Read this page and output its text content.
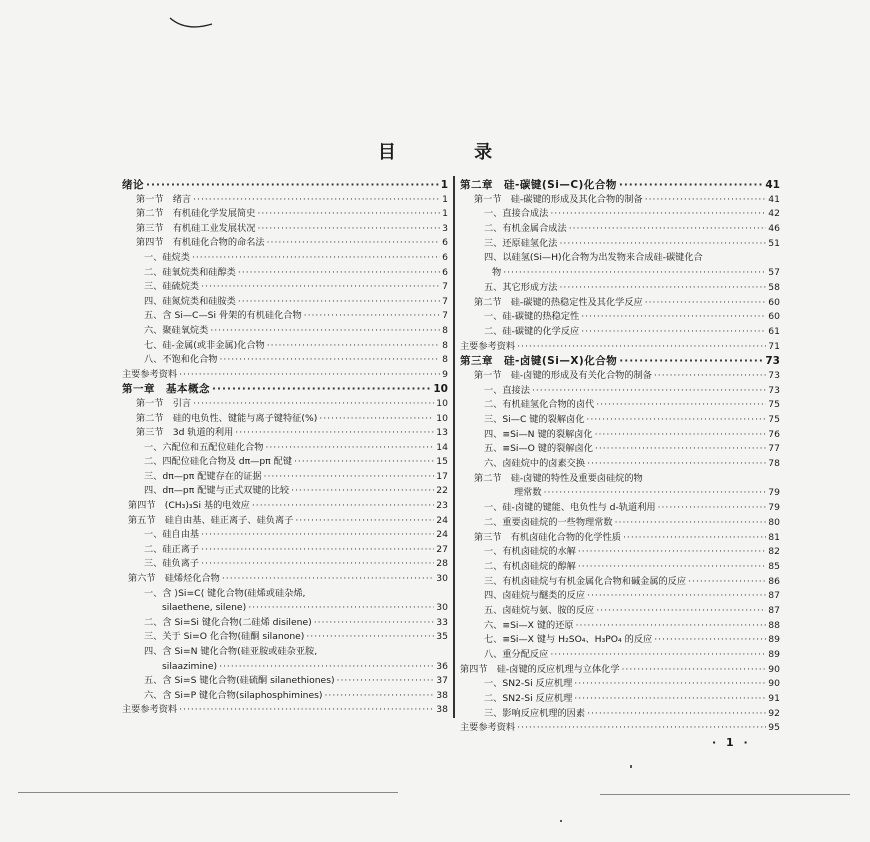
目 录
绪论 ·····	1
第一节　绪言 ·····	1
第二节　有机硅化学发展简史 ·····	1
第三节　有机硅工业发展状况 ·····	3
第四节　有机硅化合物的命名法 ·····	6
一、硅烷类 ·····	6
二、硅氧烷类和硅醇类 ·····	6
三、硅硫烷类 ·····	7
四、硅氮烷类和硅胺类 ·····	7
五、含 Si—C—Si 骨架的有机硅化合物 ·····	7
六、聚硅氧烷类 ·····	8
七、硅-金属(或非金属)化合物 ·····	8
八、不饱和化合物 ·····	8
主要参考资料 ·····	9
第一章　基本概念 ·····	10
第一节　引言 ·····	10
第二节　硅的电负性、键能与离子键特征(%) ·····	10
第三节　3d 轨道的利用 ·····	13
一、六配位和五配位硅化合物 ·····	14
二、四配位硅化合物及 dπ—pπ 配键 ·····	15
三、dπ—pπ 配键存在的证据 ·····	17
四、dπ—pπ 配键与正式双键的比较 ·····	22
第四节　(CH₃)₃Si 基的电效应 ·····	23
第五节　硅自由基、硅正离子、硅负离子 ·····	24
一、硅自由基 ·····	24
二、硅正离子 ·····	27
三、硅负离子 ·····	28
第六节　硅烯烃化合物 ·····	30
一、含 ⟩Si=C⟨ 键化合物(硅烯或硅杂烯,
silaethene, silene) ·····	30
二、含 Si=Si 键化合物(二硅烯 disilene) ·····	33
三、关于 Si=O 化合物(硅酮 silanone) ·····	35
四、含 Si=N 键化合物(硅亚胺或硅杂亚胺,
silaazimine) ·····	36
五、含 Si=S 键化合物(硅硫酮 silanethiones) ·····	37
六、含 Si=P 键化合物(silaphosphimines) ·····	38
主要参考资料 ·····	38
第二章　硅-碳键(Si—C)化合物 ·····	41
第一节　硅-碳键的形成及其化合物的制备 ·····	41
一、直接合成法 ·····	42
二、有机金属合成法 ·····	46
三、还原硅氢化法 ·····	51
四、以硅氢(Si—H)化合物为出发物来合成硅-碳键化合
物 ·····	57
五、其它形成方法 ·····	58
第二节　硅-碳键的热稳定性及其化学反应 ·····	60
一、硅-碳键的热稳定性 ·····	60
二、硅-碳键的化学反应 ·····	61
主要参考资料 ·····	71
第三章　硅-卤键(Si—X)化合物 ·····	73
第一节　硅-卤键的形成及有关化合物的制备 ·····	73
一、直接法 ·····	73
二、有机硅氢化合物的卤代 ·····	75
三、Si—C 键的裂解卤化 ·····	75
四、≡Si—N 键的裂解卤化 ·····	76
五、≡Si—O 键的裂解卤化 ·····	77
六、卤硅烷中的卤素交换 ·····	78
第二节　硅-卤键的特性及重要卤硅烷的物
理常数 ·····	79
一、硅-卤键的键能、电负性与 d-轨道利用 ·····	79
二、重要卤硅烷的一些物理常数 ·····	80
第三节　有机卤硅化合物的化学性质 ·····	81
一、有机卤硅烷的水解 ·····	82
二、有机卤硅烷的醇解 ·····	85
三、有机卤硅烷与有机金属化合物和碱金属的反应 ·····	86
四、卤硅烷与醚类的反应 ·····	87
五、卤硅烷与氨、胺的反应 ·····	87
六、≡Si—X 键的还原 ·····	88
七、≡Si—X 键与 H₂SO₄、H₃PO₄ 的反应 ·····	89
八、重分配反应 ·····	89
第四节　硅-卤键的反应机理与立体化学 ·····	90
一、SN2-Si 反应机理 ·····	90
二、SN2-Si 反应机理 ·····	91
三、影响反应机理的因素 ·····	92
主要参考资料 ·····	95
· 1 ·
